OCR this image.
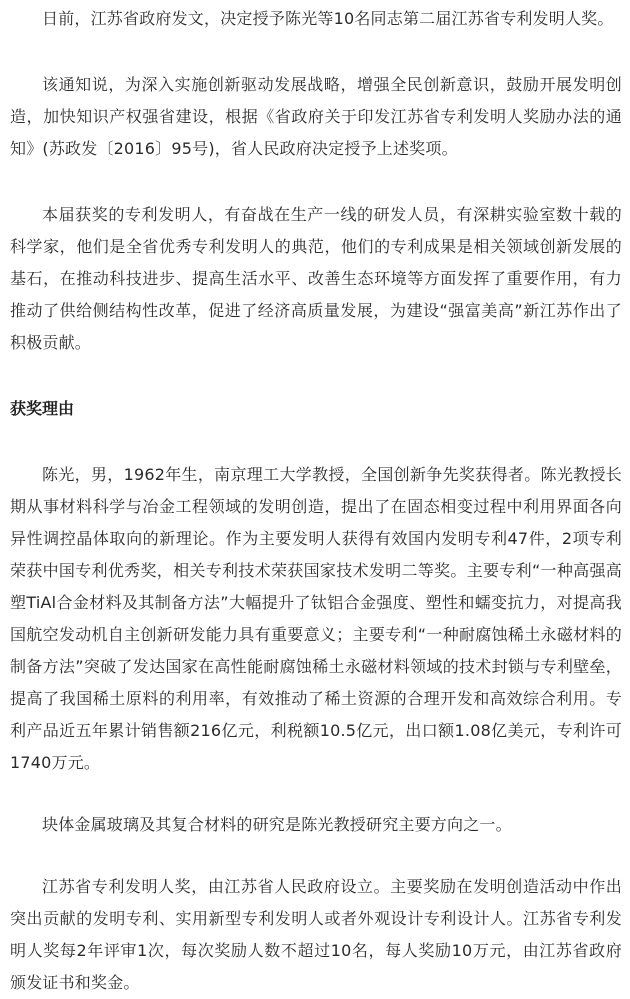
日前，江苏省政府发文，决定授予陈光等10名同志第二届江苏省专利发明人奖。

该通知说，为深入实施创新驱动发展战略，增强全民创新意识，鼓励开展发明创造，加快知识产权强省建设，根据《省政府关于印发江苏省专利发明人奖励办法的通知》(苏政发〔2016〕95号)，省人民政府决定授予上述奖项。

本届获奖的专利发明人，有奋战在生产一线的研发人员，有深耕实验室数十载的科学家，他们是全省优秀专利发明人的典范，他们的专利成果是相关领域创新发展的基石，在推动科技进步、提高生活水平、改善生态环境等方面发挥了重要作用，有力推动了供给侧结构性改革，促进了经济高质量发展，为建设“强富美高”新江苏作出了积极贡献。

获奖理由

陈光，男，1962年生，南京理工大学教授，全国创新争先奖获得者。陈光教授长期从事材料科学与冶金工程领域的发明创造，提出了在固态相变过程中利用界面各向异性调控晶体取向的新理论。作为主要发明人获得有效国内发明专利47件，2项专利荣获中国专利优秀奖，相关专利技术荣获国家技术发明二等奖。主要专利“一种高强高塑TiAl合金材料及其制备方法”大幅提升了钛铝合金强度、塑性和蠕变抗力，对提高我国航空发动机自主创新研发能力具有重要意义；主要专利“一种耐腐蚀稀土永磁材料的制备方法”突破了发达国家在高性能耐腐蚀稀土永磁材料领域的技术封锁与专利壁垒，提高了我国稀土原料的利用率，有效推动了稀土资源的合理开发和高效综合利用。专利产品近五年累计销售额216亿元，利税额10.5亿元，出口额1.08亿美元，专利许可1740万元。

块体金属玻璃及其复合材料的研究是陈光教授研究主要方向之一。

江苏省专利发明人奖，由江苏省人民政府设立。主要奖励在发明创造活动中作出突出贡献的发明专利、实用新型专利发明人或者外观设计专利设计人。江苏省专利发明人奖每2年评审1次，每次奖励人数不超过10名，每人奖励10万元，由江苏省政府颁发证书和奖金。
